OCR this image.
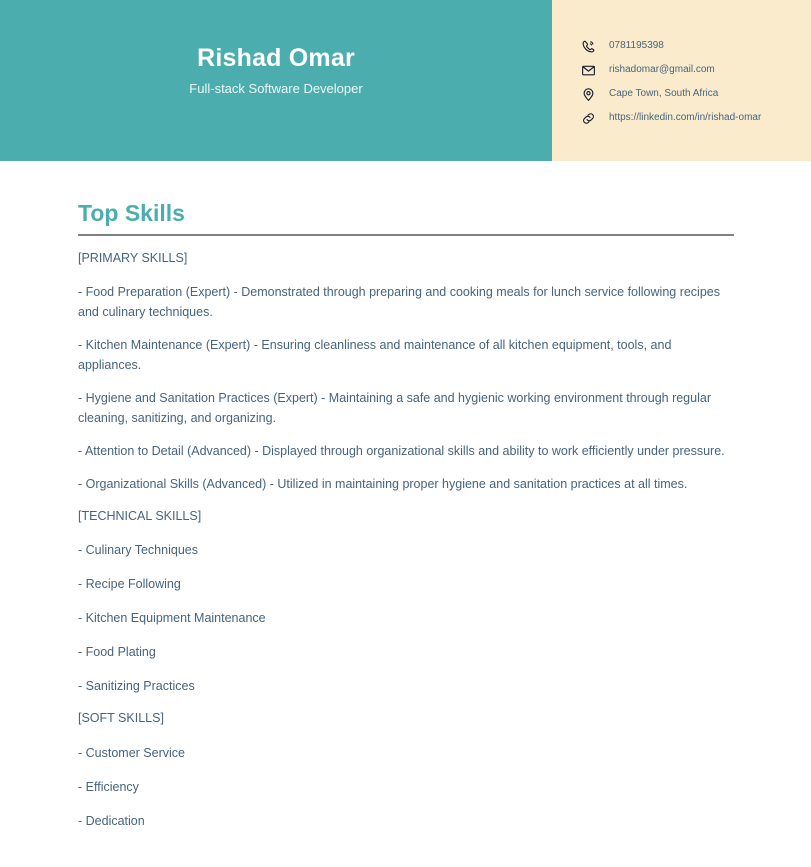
Rishad Omar
Full-stack Software Developer
0781195398
rishadomar@gmail.com
Cape Town, South Africa
https://linkedin.com/in/rishad-omar
Top Skills
[PRIMARY SKILLS]
- Food Preparation (Expert) - Demonstrated through preparing and cooking meals for lunch service following recipes and culinary techniques.
- Kitchen Maintenance (Expert) - Ensuring cleanliness and maintenance of all kitchen equipment, tools, and appliances.
- Hygiene and Sanitation Practices (Expert) - Maintaining a safe and hygienic working environment through regular cleaning, sanitizing, and organizing.
- Attention to Detail (Advanced) - Displayed through organizational skills and ability to work efficiently under pressure.
- Organizational Skills (Advanced) - Utilized in maintaining proper hygiene and sanitation practices at all times.
[TECHNICAL SKILLS]
- Culinary Techniques
- Recipe Following
- Kitchen Equipment Maintenance
- Food Plating
- Sanitizing Practices
[SOFT SKILLS]
- Customer Service
- Efficiency
- Dedication
